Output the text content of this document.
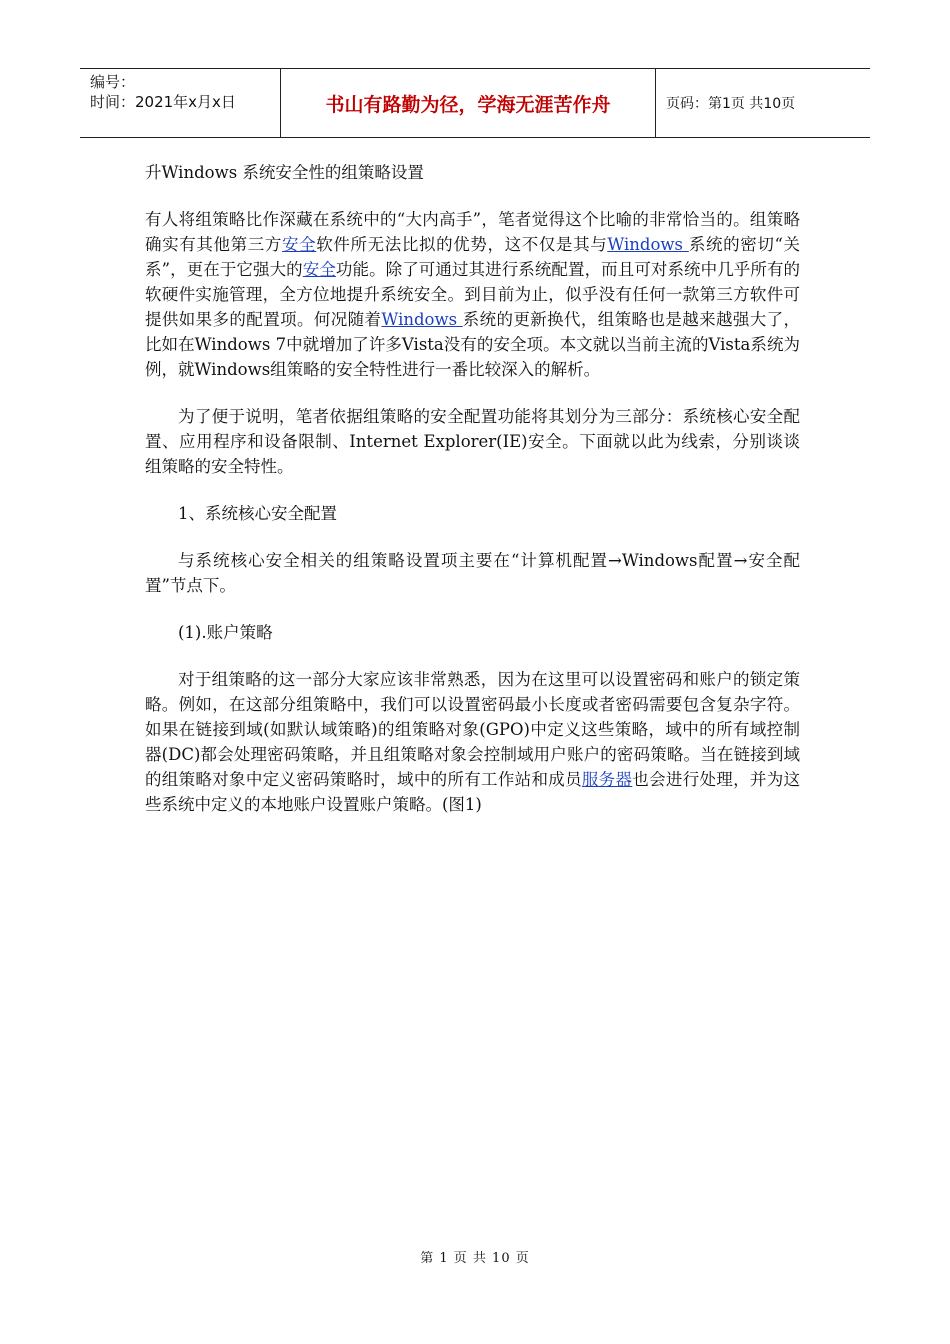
编号：
时间：2021年x月x日	书山有路勤为径，学海无涯苦作舟	页码：第1页 共10页

升Windows 系统安全性的组策略设置

有人将组策略比作深藏在系统中的“大内高手”，笔者觉得这个比喻的非常恰当的。组策略确实有其他第三方安全软件所无法比拟的优势，这不仅是其与Windows 系统的密切“关系”，更在于它强大的安全功能。除了可通过其进行系统配置，而且可对系统中几乎所有的软硬件实施管理，全方位地提升系统安全。到目前为止，似乎没有任何一款第三方软件可提供如果多的配置项。何况随着Windows 系统的更新换代，组策略也是越来越强大了，比如在Windows 7中就增加了许多Vista没有的安全项。本文就以当前主流的Vista系统为例，就Windows组策略的安全特性进行一番比较深入的解析。

为了便于说明，笔者依据组策略的安全配置功能将其划分为三部分：系统核心安全配置、应用程序和设备限制、Internet Explorer(IE)安全。下面就以此为线索，分别谈谈组策略的安全特性。

1、系统核心安全配置

与系统核心安全相关的组策略设置项主要在“计算机配置→Windows配置→安全配置”节点下。

(1).账户策略

对于组策略的这一部分大家应该非常熟悉，因为在这里可以设置密码和账户的锁定策略。例如，在这部分组策略中，我们可以设置密码最小长度或者密码需要包含复杂字符。如果在链接到域(如默认域策略)的组策略对象(GPO)中定义这些策略，域中的所有域控制器(DC)都会处理密码策略，并且组策略对象会控制域用户账户的密码策略。当在链接到域的组策略对象中定义密码策略时，域中的所有工作站和成员服务器也会进行处理，并为这些系统中定义的本地账户设置账户策略。(图1)

第 1 页 共 10 页
